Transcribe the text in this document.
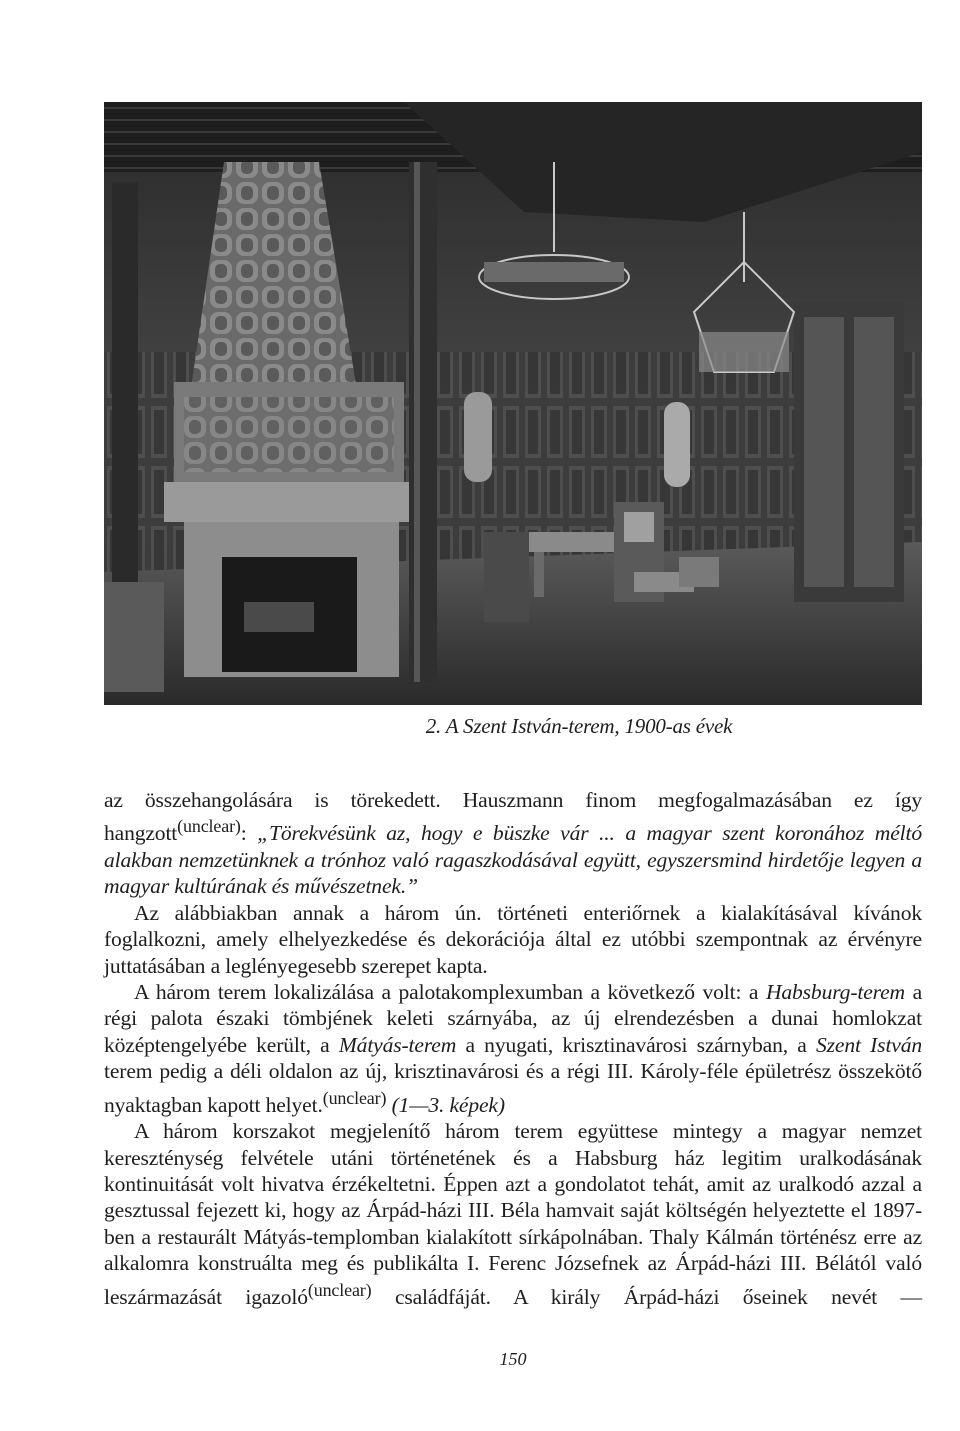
2. A Szent István-terem, 1900-as évek

az összehangolására is törekedett. Hauszmann finom megfogalmazásában ez így hangzott$^{(unclear)}$: „Törekvésünk az, hogy e büszke vár ... a magyar szent koronához méltó alakban nemzetünknek a trónhoz való ragaszkodásával együtt, egyszersmind hirdetője legyen a magyar kultúrának és művészetnek.”

Az alábbiakban annak a három ún. történeti enteriőrnek a kialakításával kívánok foglalkozni, amely elhelyezkedése és dekorációja által ez utóbbi szempontnak az érvényre juttatásában a leglényegesebb szerepet kapta.

A három terem lokalizálása a palotakomplexumban a következő volt: a Habsburg-terem a régi palota északi tömbjének keleti szárnyába, az új elrendezésben a dunai homlokzat középtengelyébe került, a Mátyás-terem a nyugati, krisztinavárosi szárnyban, a Szent István terem pedig a déli oldalon az új, krisztinavárosi és a régi III. Károly-féle épületrész összekötő nyaktagban kapott helyet.$^{(unclear)}$ (1—3. képek)

A három korszakot megjelenítő három terem együttese mintegy a magyar nemzet kereszténység felvétele utáni történetének és a Habsburg ház legitim uralkodásának kontinuitását volt hivatva érzékeltetni. Éppen azt a gondolatot tehát, amit az uralkodó azzal a gesztussal fejezett ki, hogy az Árpád-házi III. Béla hamvait saját költségén helyeztette el 1897-ben a restaurált Mátyás-templomban kialakított sírkápolnában. Thaly Kálmán történész erre az alkalomra konstruálta meg és publikálta I. Ferenc Józsefnek az Árpád-házi III. Bélától való leszármazását igazoló$^{(unclear)}$ családfáját. A király Árpád-házi őseinek nevét —

150
